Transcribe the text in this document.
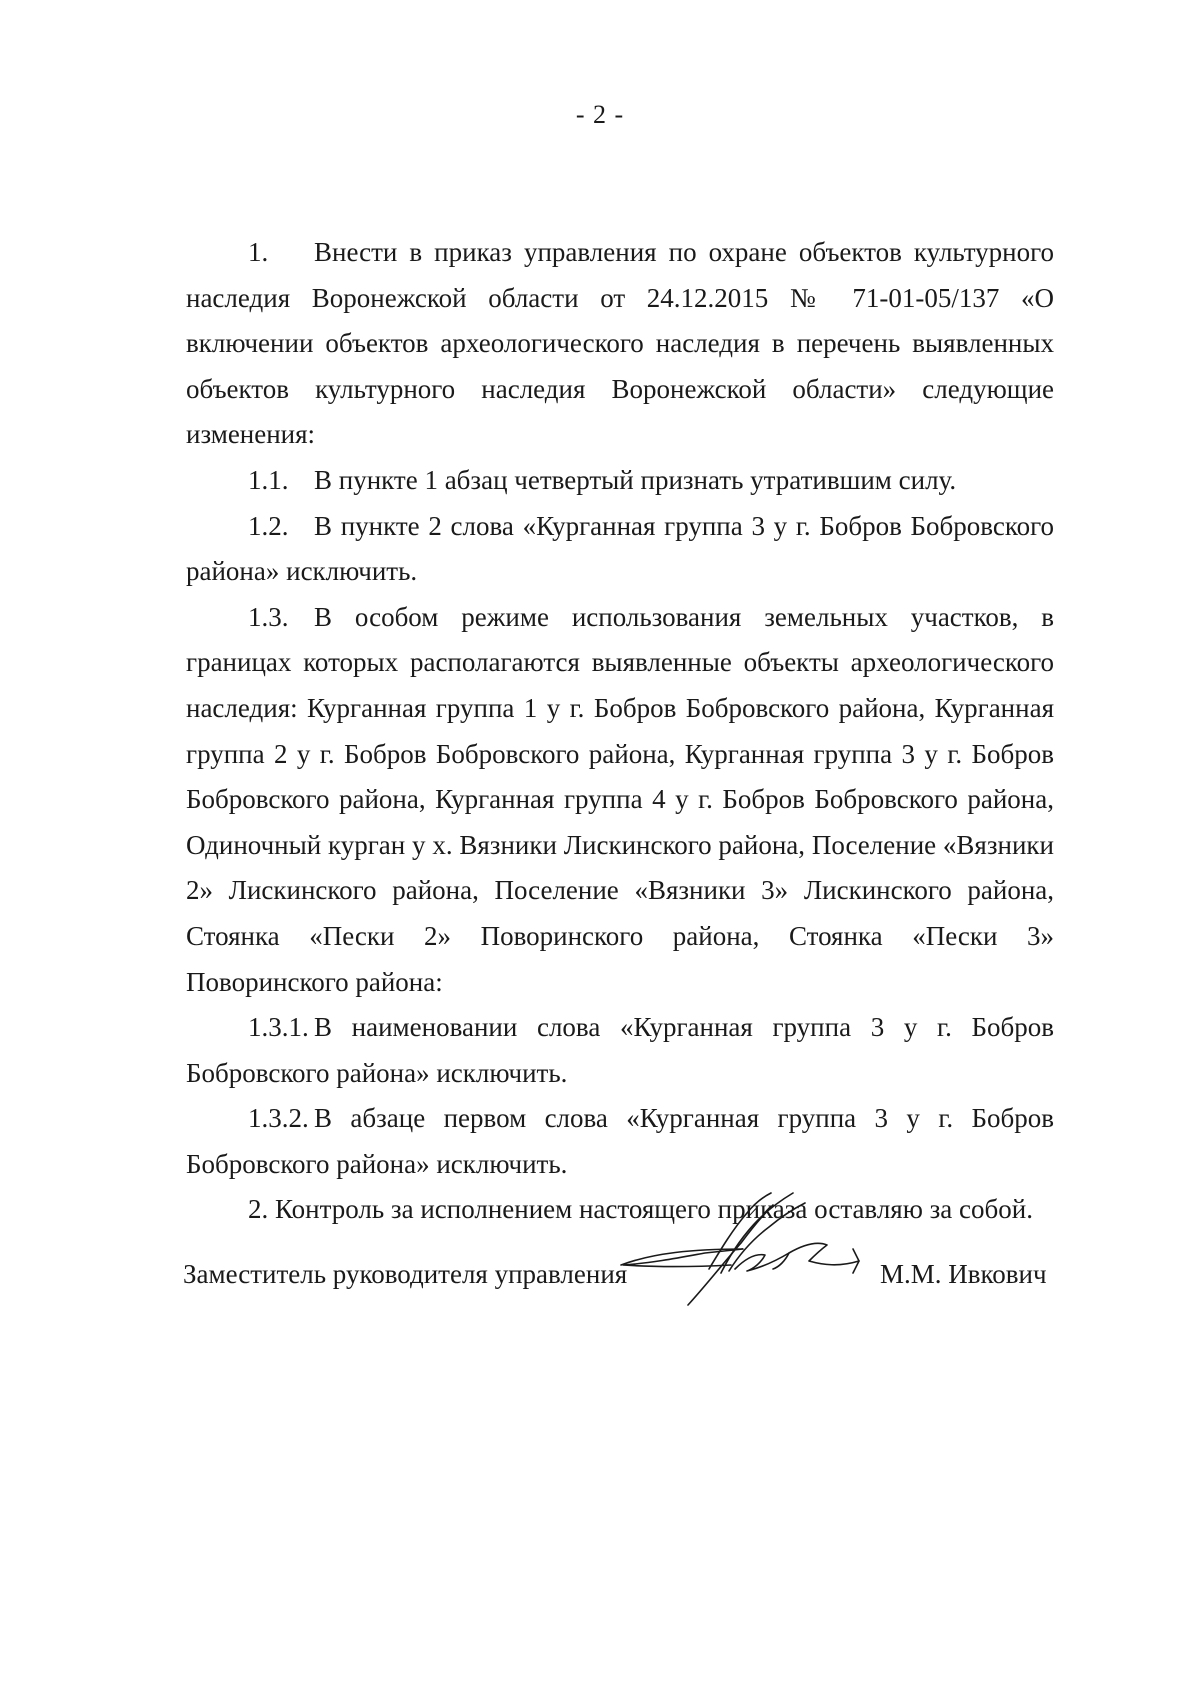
- 2 -

1. Внести в приказ управления по охране объектов культурного наследия Воронежской области от 24.12.2015 № 71-01-05/137 «О включении объектов археологического наследия в перечень выявленных объектов культурного наследия Воронежской области» следующие изменения:

1.1. В пункте 1 абзац четвертый признать утратившим силу.

1.2. В пункте 2 слова «Курганная группа 3 у г. Бобров Бобровского района» исключить.

1.3. В особом режиме использования земельных участков, в границах которых располагаются выявленные объекты археологического наследия: Курганная группа 1 у г. Бобров Бобровского района, Курганная группа 2 у г. Бобров Бобровского района, Курганная группа 3 у г. Бобров Бобровского района, Курганная группа 4 у г. Бобров Бобровского района, Одиночный курган у х. Вязники Лискинского района, Поселение «Вязники 2» Лискинского района, Поселение «Вязники 3» Лискинского района, Стоянка «Пески 2» Поворинского района, Стоянка «Пески 3» Поворинского района:

1.3.1. В наименовании слова «Курганная группа 3 у г. Бобров Бобровского района» исключить.

1.3.2. В абзаце первом слова «Курганная группа 3 у г. Бобров Бобровского района» исключить.

2. Контроль за исполнением настоящего приказа оставляю за собой.

Заместитель руководителя управления	М.М. Ивкович
